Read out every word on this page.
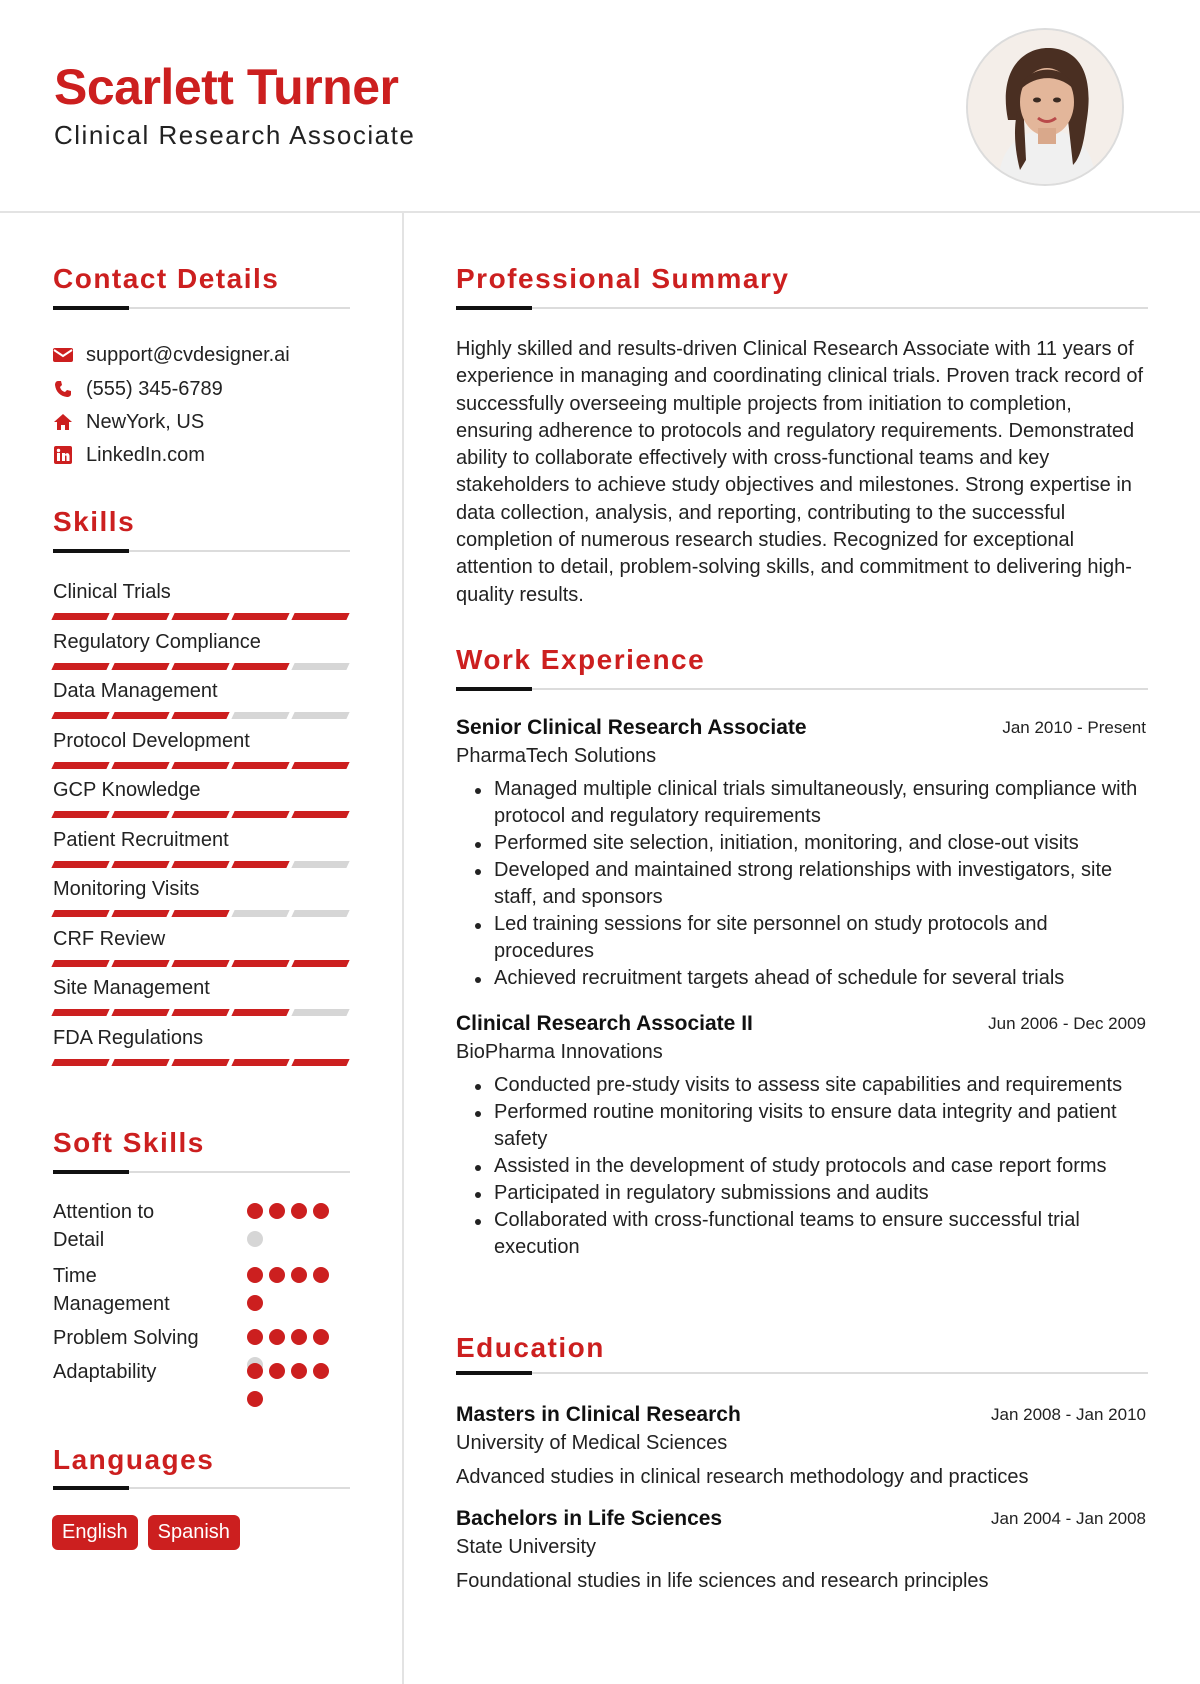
Scarlett Turner
Clinical Research Associate
Contact Details
support@cvdesigner.ai
(555) 345-6789
NewYork, US
LinkedIn.com
Skills
Clinical Trials
Regulatory Compliance
Data Management
Protocol Development
GCP Knowledge
Patient Recruitment
Monitoring Visits
CRF Review
Site Management
FDA Regulations
Soft Skills
Attention to Detail
Time Management
Problem Solving
Adaptability
Languages
English	Spanish
Professional Summary
Highly skilled and results-driven Clinical Research Associate with 11 years of experience in managing and coordinating clinical trials. Proven track record of successfully overseeing multiple projects from initiation to completion, ensuring adherence to protocols and regulatory requirements. Demonstrated ability to collaborate effectively with cross-functional teams and key stakeholders to achieve study objectives and milestones. Strong expertise in data collection, analysis, and reporting, contributing to the successful completion of numerous research studies. Recognized for exceptional attention to detail, problem-solving skills, and commitment to delivering high-quality results.
Work Experience
Senior Clinical Research Associate	Jan 2010 - Present
PharmaTech Solutions
Managed multiple clinical trials simultaneously, ensuring compliance with protocol and regulatory requirements
Performed site selection, initiation, monitoring, and close-out visits
Developed and maintained strong relationships with investigators, site staff, and sponsors
Led training sessions for site personnel on study protocols and procedures
Achieved recruitment targets ahead of schedule for several trials
Clinical Research Associate II	Jun 2006 - Dec 2009
BioPharma Innovations
Conducted pre-study visits to assess site capabilities and requirements
Performed routine monitoring visits to ensure data integrity and patient safety
Assisted in the development of study protocols and case report forms
Participated in regulatory submissions and audits
Collaborated with cross-functional teams to ensure successful trial execution
Education
Masters in Clinical Research	Jan 2008 - Jan 2010
University of Medical Sciences
Advanced studies in clinical research methodology and practices
Bachelors in Life Sciences	Jan 2004 - Jan 2008
State University
Foundational studies in life sciences and research principles
